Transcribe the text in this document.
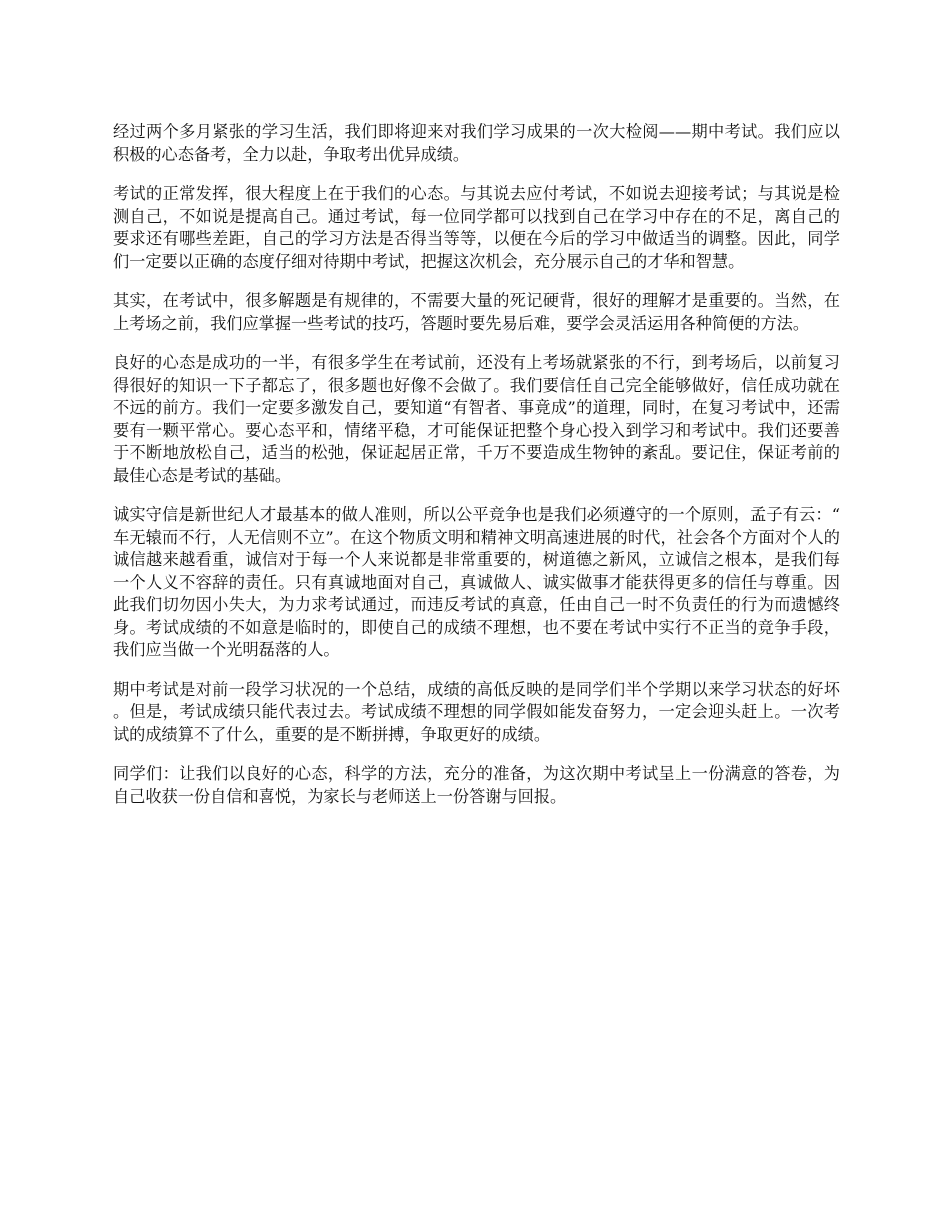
经过两个多月紧张的学习生活，我们即将迎来对我们学习成果的一次大检阅——期中考试。我们应以积极的心态备考，全力以赴，争取考出优异成绩。

考试的正常发挥，很大程度上在于我们的心态。与其说去应付考试，不如说去迎接考试；与其说是检测自己，不如说是提高自己。通过考试，每一位同学都可以找到自己在学习中存在的不足，离自己的要求还有哪些差距，自己的学习方法是否得当等等，以便在今后的学习中做适当的调整。因此，同学们一定要以正确的态度仔细对待期中考试，把握这次机会，充分展示自己的才华和智慧。

其实，在考试中，很多解题是有规律的，不需要大量的死记硬背，很好的理解才是重要的。当然，在上考场之前，我们应掌握一些考试的技巧，答题时要先易后难，要学会灵活运用各种简便的方法。

良好的心态是成功的一半，有很多学生在考试前，还没有上考场就紧张的不行，到考场后，以前复习得很好的知识一下子都忘了，很多题也好像不会做了。我们要信任自己完全能够做好，信任成功就在不远的前方。我们一定要多激发自己，要知道“有智者、事竟成”的道理，同时，在复习考试中，还需要有一颗平常心。要心态平和，情绪平稳，才可能保证把整个身心投入到学习和考试中。我们还要善于不断地放松自己，适当的松弛，保证起居正常，千万不要造成生物钟的紊乱。要记住，保证考前的最佳心态是考试的基础。

诚实守信是新世纪人才最基本的做人准则，所以公平竞争也是我们必须遵守的一个原则，孟子有云：“车无辕而不行，人无信则不立”。在这个物质文明和精神文明高速进展的时代，社会各个方面对个人的诚信越来越看重，诚信对于每一个人来说都是非常重要的，树道德之新风，立诚信之根本，是我们每一个人义不容辞的责任。只有真诚地面对自己，真诚做人、诚实做事才能获得更多的信任与尊重。因此我们切勿因小失大，为力求考试通过，而违反考试的真意，任由自己一时不负责任的行为而遗憾终身。考试成绩的不如意是临时的，即使自己的成绩不理想，也不要在考试中实行不正当的竞争手段，我们应当做一个光明磊落的人。

期中考试是对前一段学习状况的一个总结，成绩的高低反映的是同学们半个学期以来学习状态的好坏。但是，考试成绩只能代表过去。考试成绩不理想的同学假如能发奋努力，一定会迎头赶上。一次考试的成绩算不了什么，重要的是不断拼搏，争取更好的成绩。

同学们：让我们以良好的心态，科学的方法，充分的准备，为这次期中考试呈上一份满意的答卷，为自己收获一份自信和喜悦，为家长与老师送上一份答谢与回报。
